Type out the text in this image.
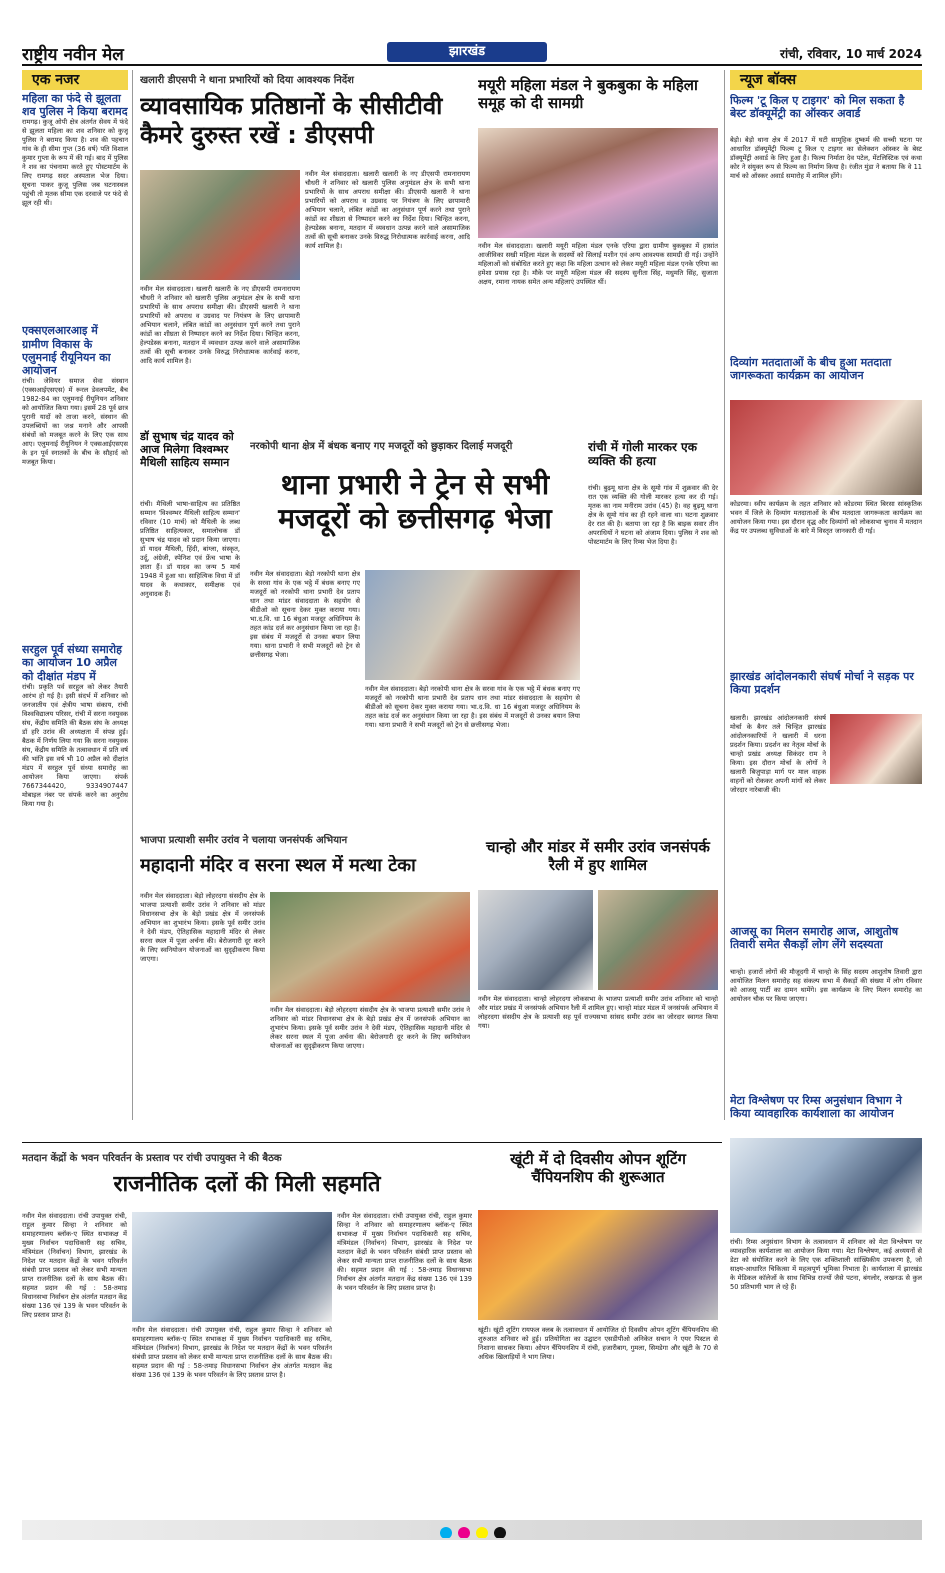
राष्ट्रीय नवीन मेल	झारखंड	रांची, रविवार, 10 मार्च 2024
एक नजर
महिला का फंदे से झूलता शव पुलिस ने किया बरामद
रामगढ़। कुजू ओपी क्षेत्र अंतर्गत सेवय में फंदे से झूलता महिला का शव शनिवार को कुजू पुलिस ने बरामद किया है। शव की पहचान गांव के ही सीमा गुप्त (36 वर्ष) पति विशाल कुमार गुप्ता के रूप में की गई। बाद में पुलिस ने शव का पंचनामा करते हुए पोस्टमार्टम के लिए रामगढ़ सदर अस्पताल भेज दिया। सूचना पाकर कुजू पुलिस जब घटनास्थल पहुंची तो मृतक सीमा एक दरवाजे पर फंदे से झूल रही थी।
एक्सएलआरआइ में ग्रामीण विकास के एलुमनाई रीयूनियन का आयोजन
रांची। जेवियर समाज सेवा संस्थान (एक्सआईएसएस) में रूरल डेवलपमेंट, बैच 1982-84 का एलुमनाई रीयूनियन शनिवार को आयोजित किया गया। इसमें 28 पूर्व छात्र पुरानी यादों को ताजा करने, संस्थान की उपलब्धियों का जश्न मनाने और आपसी संबंधों को मजबूत करने के लिए एक साथ आए। एलुमनाई रीयूनियन ने एक्सआईएसएस के इन पूर्व स्नातकों के बीच के सौहार्द को मजबूत किया।
सरहुल पूर्व संध्या समारोह का आयोजन 10 अप्रैल को दीक्षांत मंडप में
रांची। प्रकृति पर्व सरहुल को लेकर तैयारी आरंभ हो गई है। इसी संदर्भ में शनिवार को जनजातीय एवं क्षेत्रीय भाषा संकाय, रांची विश्वविद्यालय परिसर, रांची में सरना नवयुवक संघ, केंद्रीय समिति की बैठक संघ के अध्यक्ष डॉ हरि उरांव की अध्यक्षता में संपन्न हुई। बैठक में निर्णय लिया गया कि सरना नवयुवक संघ, केंद्रीय समिति के तत्वावधान में प्रति वर्ष की भांति इस वर्ष भी 10 अप्रैल को दीक्षांत मंडप में सरहुल पूर्व संध्या समारोह का आयोजन किया जाएगा। संपर्क 7667344420, 9334907447 मोबाइल नंबर पर संपर्क करने का अनुरोध किया गया है।
खलारी डीएसपी ने थाना प्रभारियों को दिया आवश्यक निर्देश
व्यावसायिक प्रतिष्ठानों के सीसीटीवी कैमरे दुरुस्त रखें : डीएसपी
नवीन मेल संवाददाता। खलारी खलारी के नए डीएसपी रामनारायण चौधरी ने शनिवार को खलारी पुलिस अनुमंडल क्षेत्र के सभी थाना प्रभारियों के साथ अपराध समीक्षा की। डीएसपी खलारी ने थाना प्रभारियों को अपराध व उग्रवाद पर नियंत्रण के लिए छापामारी अभियान चलाने, लंबित कांडों का अनुसंधान पूर्ण करने तथा पुराने कांडों का शीघ्रता से निष्पादन करने का निर्देश दिया। चिन्हित करना, हेल्पडेस्क बनाना, मतदान में व्यवधान उत्पन्न करने वाले असामाजिक तत्वों की सूची बनाकर उनके विरुद्ध निरोधात्मक कार्रवाई करना, आदि कार्य शामिल है।
नवीन मेल संवाददाता। खलारी खलारी के नए डीएसपी रामनारायण चौधरी ने शनिवार को खलारी पुलिस अनुमंडल क्षेत्र के सभी थाना प्रभारियों के साथ अपराध समीक्षा की। डीएसपी खलारी ने थाना प्रभारियों को अपराध व उग्रवाद पर नियंत्रण के लिए छापामारी अभियान चलाने, लंबित कांडों का अनुसंधान पूर्ण करने तथा पुराने कांडों का शीघ्रता से निष्पादन करने का निर्देश दिया। चिन्हित करना, हेल्पडेस्क बनाना, मतदान में व्यवधान उत्पन्न करने वाले असामाजिक तत्वों की सूची बनाकर उनके विरुद्ध निरोधात्मक कार्रवाई करना, आदि कार्य शामिल है।
मयूरी महिला मंडल ने बुकबुका के महिला समूह को दी सामग्री
नवीन मेल संवाददाता। खलारी मयूरी महिला मंडल एनके एरिया द्वारा ग्रामीण बुकबुका में हासांत आजीविका सखी महिला मंडल के सदस्यों को सिलाई मशीन एवं अन्य आवश्यक सामग्री दी गई। उन्होंने महिलाओं को संबोधित करते हुए कहा कि महिला उत्थान को लेकर मयूरी महिला मंडल एनके एरिया का हमेशा प्रयास रहा है। मौके पर मयूरी महिला मंडल की सदस्य सुनीता सिंह, मधुमति सिंह, सुजाता अक्षय, रमाना नायक समेत अन्य महिलाएं उपस्थित थीं।
डॉ सुभाष चंद्र यादव को आज मिलेगा विश्वम्भर मैथिली साहित्य सम्मान
रांची। मैथिली भाषा-साहित्य का प्रतिष्ठित सम्मान 'विश्वम्भर मैथिली साहित्य सम्मान' रविवार (10 मार्च) को मैथिली के लब्ध प्रतिष्ठित साहित्यकार, समालोचक डॉ सुभाष चंद्र यादव को प्रदान किया जाएगा। डॉ यादव मैथिली, हिंदी, बांग्ला, संस्कृत, उर्दू, अंग्रेजी, स्पेनिश एवं फ्रेंच भाषा के ज्ञाता हैं। डॉ यादव का जन्म 5 मार्च 1948 में हुआ था। साहित्यिक विधा में डॉ यादव के कथाकार, समीक्षक एवं अनुवादक हैं।
नरकोपी थाना क्षेत्र में बंधक बनाए गए मजदूरों को छुड़ाकर दिलाई मजदूरी
थाना प्रभारी ने ट्रेन से सभी मजदूरों को छत्तीसगढ़ भेजा
नवीन मेल संवाददाता। बेड़ो नरकोपी थाना क्षेत्र के सरवा गांव के एक भट्ठे में बंधक बनाए गए मजदूरों को नरकोपी थाना प्रभारी देव प्रताप धान तथा मांडर संवाददाता के सहयोग से बीडीओ को सूचना देकर मुक्त कराया गया। भा.द.वि. धा 16 बंधुआ मजदूर अधिनियम के तहत कांड दर्ज कर अनुसंधान किया जा रहा है। इस संबंध में मजदूरों से उनका बयान लिया गया। थाना प्रभारी ने सभी मजदूरों को ट्रेन से छत्तीसगढ़ भेजा।
नवीन मेल संवाददाता। बेड़ो नरकोपी थाना क्षेत्र के सरवा गांव के एक भट्ठे में बंधक बनाए गए मजदूरों को नरकोपी थाना प्रभारी देव प्रताप धान तथा मांडर संवाददाता के सहयोग से बीडीओ को सूचना देकर मुक्त कराया गया। भा.द.वि. धा 16 बंधुआ मजदूर अधिनियम के तहत कांड दर्ज कर अनुसंधान किया जा रहा है। इस संबंध में मजदूरों से उनका बयान लिया गया। थाना प्रभारी ने सभी मजदूरों को ट्रेन से छत्तीसगढ़ भेजा।
रांची में गोली मारकर एक व्यक्ति की हत्या
रांची। बुढ़मू थाना क्षेत्र के सूमो गांव में शुक्रवार की देर रात एक व्यक्ति की गोली मारकर हत्या कर दी गई। मृतक का नाम मनीराम उरांव (45) है। वह बुढ़मू थाना क्षेत्र के सूमो गांव का ही रहने वाला था। घटना शुक्रवार देर रात की है। बताया जा रहा है कि बाइक सवार तीन अपराधियों ने घटना को अंजाम दिया। पुलिस ने शव को पोस्टमार्टम के लिए रिम्स भेज दिया है।
भाजपा प्रत्याशी समीर उरांव ने चलाया जनसंपर्क अभियान
महादानी मंदिर व सरना स्थल में मत्था टेका
नवीन मेल संवाददाता। बेड़ो लोहरदगा संसदीय क्षेत्र के भाजपा प्रत्याशी समीर उरांव ने शनिवार को मांडर विधानसभा क्षेत्र के बेड़ो प्रखंड क्षेत्र में जनसंपर्क अभियान का शुभारंभ किया। इसके पूर्व समीर उरांव ने देवी मंडप, ऐतिहासिक महादानी मंदिर से लेकर सरना स्थल में पूजा अर्चना की। बेरोजगारी दूर करने के लिए स्वनियोजन योजनाओं का सुदृढ़ीकरण किया जाएगा।
नवीन मेल संवाददाता। बेड़ो लोहरदगा संसदीय क्षेत्र के भाजपा प्रत्याशी समीर उरांव ने शनिवार को मांडर विधानसभा क्षेत्र के बेड़ो प्रखंड क्षेत्र में जनसंपर्क अभियान का शुभारंभ किया। इसके पूर्व समीर उरांव ने देवी मंडप, ऐतिहासिक महादानी मंदिर से लेकर सरना स्थल में पूजा अर्चना की। बेरोजगारी दूर करने के लिए स्वनियोजन योजनाओं का सुदृढ़ीकरण किया जाएगा।
चान्हो और मांडर में समीर उरांव जनसंपर्क रैली में हुए शामिल
नवीन मेल संवाददाता। चान्हो लोहरदगा लोकसभा के भाजपा प्रत्याशी समीर उरांव शनिवार को चान्हो और मांडर प्रखंड में जनसंपर्क अभियान रैली में शामिल हुए। चान्हो मांडर मंडल में जनसंपर्क अभियान में लोहरदगा संसदीय क्षेत्र के प्रत्याशी सह पूर्व राज्यसभा सांसद समीर उरांव का जोरदार स्वागत किया गया।
मतदान केंद्रों के भवन परिवर्तन के प्रस्ताव पर रांची उपायुक्त ने की बैठक
राजनीतिक दलों की मिली सहमति
नवीन मेल संवाददाता। रांची उपायुक्त रांची, राहुल कुमार सिन्हा ने शनिवार को समाहरणालय ब्लॉक-ए स्थित सभाकक्ष में मुख्य निर्वाचन पदाधिकारी सह सचिव, मंत्रिमंडल (निर्वाचन) विभाग, झारखंड के निदेश पर मतदान केंद्रों के भवन परिवर्तन संबंधी प्राप्त प्रस्ताव को लेकर सभी मान्यता प्राप्त राजनीतिक दलों के साथ बैठक की। सहमत प्रदान की गई : 58-तमाड़ विधानसभा निर्वाचन क्षेत्र अंतर्गत मतदान केंद्र संख्या 136 एवं 139 के भवन परिवर्तन के लिए प्रस्ताव प्राप्त है।
नवीन मेल संवाददाता। रांची उपायुक्त रांची, राहुल कुमार सिन्हा ने शनिवार को समाहरणालय ब्लॉक-ए स्थित सभाकक्ष में मुख्य निर्वाचन पदाधिकारी सह सचिव, मंत्रिमंडल (निर्वाचन) विभाग, झारखंड के निदेश पर मतदान केंद्रों के भवन परिवर्तन संबंधी प्राप्त प्रस्ताव को लेकर सभी मान्यता प्राप्त राजनीतिक दलों के साथ बैठक की। सहमत प्रदान की गई : 58-तमाड़ विधानसभा निर्वाचन क्षेत्र अंतर्गत मतदान केंद्र संख्या 136 एवं 139 के भवन परिवर्तन के लिए प्रस्ताव प्राप्त है।
नवीन मेल संवाददाता। रांची उपायुक्त रांची, राहुल कुमार सिन्हा ने शनिवार को समाहरणालय ब्लॉक-ए स्थित सभाकक्ष में मुख्य निर्वाचन पदाधिकारी सह सचिव, मंत्रिमंडल (निर्वाचन) विभाग, झारखंड के निदेश पर मतदान केंद्रों के भवन परिवर्तन संबंधी प्राप्त प्रस्ताव को लेकर सभी मान्यता प्राप्त राजनीतिक दलों के साथ बैठक की। सहमत प्रदान की गई : 58-तमाड़ विधानसभा निर्वाचन क्षेत्र अंतर्गत मतदान केंद्र संख्या 136 एवं 139 के भवन परिवर्तन के लिए प्रस्ताव प्राप्त है।
खूंटी में दो दिवसीय ओपन शूटिंग चैंपियनशिप की शुरूआत
खूंटी। खूंटी शूटिंग रायफल क्लब के तत्वावधान में आयोजित दो दिवसीय ओपन शूटिंग चैंपियनशिप की शुरुआत शनिवार को हुई। प्रतियोगिता का उद्घाटन एसडीपीओ अनिकेत सचान ने एयर पिस्टल से निशाना साधकर किया। ओपन चैंपियनशिप में रांची, हजारीबाग, गुमला, सिमडेगा और खूंटी के 70 से अधिक खिलाड़ियों ने भाग लिया।
न्यूज बॉक्स
फिल्म 'टू किल ए टाइगर' को मिल सकता है बेस्ट डॉक्यूमेंट्री का ऑस्कर अवार्ड
बेड़ो। बेड़ो थाना क्षेत्र में 2017 में घटी सामूहिक दुष्कर्म की सच्ची घटना पर आधारित डॉक्यूमेंट्री फिल्म टू किल ए टाइगर का सेलेक्शन ऑस्कर के बेस्ट डॉक्यूमेंट्री अवार्ड के लिए हुआ है। फिल्म निर्माता देव पटेल, मेंटलिस्टिक एवं कथा कोर ने संयुक्त रूप से फिल्म का निर्माण किया है। रंजीत मुंडा ने बताया कि वे 11 मार्च को ऑस्कर अवार्ड समारोह में शामिल होंगे।
दिव्यांग मतदाताओं के बीच हुआ मतदाता जागरूकता कार्यक्रम का आयोजन
कोडरमा। स्वीप कार्यक्रम के तहत शनिवार को कोडरमा स्थित बिरसा सांस्कृतिक भवन में जिले के दिव्यांग मतदाताओं के बीच मतदाता जागरूकता कार्यक्रम का आयोजन किया गया। इस दौरान वृद्ध और दिव्यांगों को लोकसभा चुनाव में मतदान केंद्र पर उपलब्ध सुविधाओं के बारे में विस्तृत जानकारी दी गई।
झारखंड आंदोलनकारी संघर्ष मोर्चा ने सड़क पर किया प्रदर्शन
खलारी। झारखंड आंदोलनकारी संघर्ष मोर्चा के बैनर तले चिन्हित झारखंड आंदोलनकारियों ने खलारी में धरना प्रदर्शन किया। प्रदर्शन का नेतृत्व मोर्चा के चान्हो प्रखंड अध्यक्ष सिकंदर राम ने किया। इस दौरान मोर्चा के लोगों ने खलारी बिजुपाड़ा मार्ग पर माल वाहक वाहनों को रोककर अपनी मांगों को लेकर जोरदार नारेबाजी की।
आजसू का मिलन समारोह आज, आशुतोष तिवारी समेत सैकड़ों लोग लेंगे सदस्यता
चान्हो। हजारों लोगों की मौजूदगी में चान्हो के सिंह सदस्य आशुतोष तिवारी द्वारा आयोजित मिलन समारोह सह संकल्प सभा में सैकड़ों की संख्या में लोग रविवार को आजसू पार्टी का दामन थामेंगे। इस कार्यक्रम के लिए मिलन समारोह का आयोजन चौक पर किया जाएगा।
मेटा विश्लेषण पर रिम्स अनुसंधान विभाग ने किया व्यावहारिक कार्यशाला का आयोजन
रांची। रिम्स अनुसंधान विभाग के तत्वावधान में शनिवार को मेटा विश्लेषण पर व्यावहारिक कार्यशाला का आयोजन किया गया। मेटा विश्लेषण, कई अध्ययनों से डेटा को संयोजित करने के लिए एक शक्तिशाली सांख्यिकीय उपकरण है, जो साक्ष्य-आधारित चिकित्सा में महत्वपूर्ण भूमिका निभाता है। कार्यशाला में झारखंड के मेडिकल कॉलेजों के साथ विभिन्न राज्यों जैसे पटना, बंगलोर, लखनऊ से कुल 50 प्रतिभागी भाग ले रहे हैं।
